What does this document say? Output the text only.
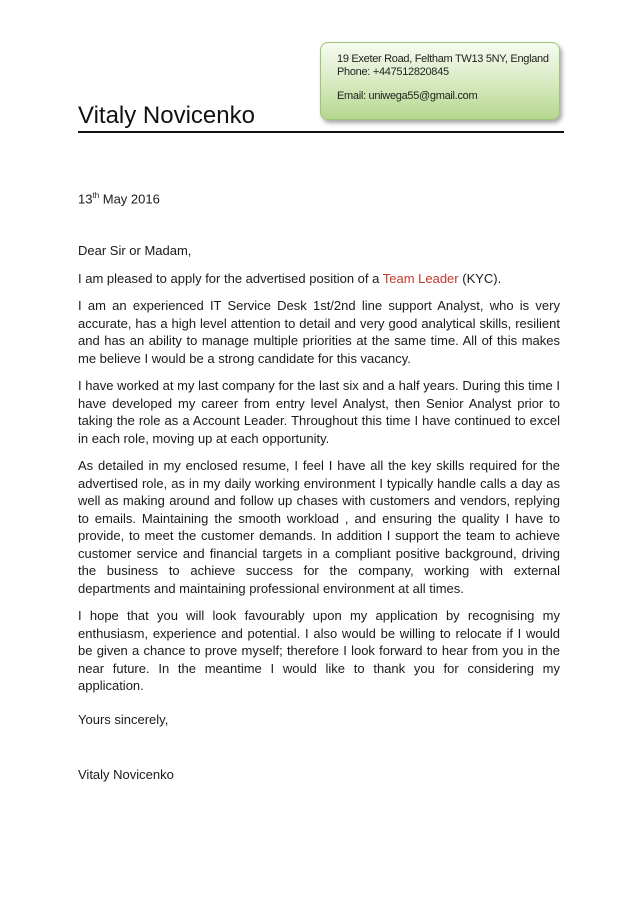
19 Exeter Road, Feltham TW13 5NY, England
Phone: +447512820845
Email: uniwega55@gmail.com
Vitaly Novicenko
13th May 2016

Dear Sir or Madam,

I am pleased to apply for the advertised position of a Team Leader (KYC).

I am an experienced IT Service Desk 1st/2nd line support Analyst, who is very accurate, has a high level attention to detail and very good analytical skills, resilient and has an ability to manage multiple priorities at the same time. All of this makes me believe I would be a strong candidate for this vacancy.

I have worked at my last company for the last six and a half years. During this time I have developed my career from entry level Analyst, then Senior Analyst prior to taking the role as a Account Leader. Throughout this time I have continued to excel in each role, moving up at each opportunity.

As detailed in my enclosed resume, I feel I have all the key skills required for the advertised role, as in my daily working environment I typically handle calls a day as well as making around and follow up chases with customers and vendors, replying to emails. Maintaining the smooth workload , and ensuring the quality I have to provide, to meet the customer demands. In addition I support the team to achieve customer service and financial targets in a compliant positive background, driving the business to achieve success for the company, working with external departments and maintaining professional environment at all times.

I hope that you will look favourably upon my application by recognising my enthusiasm, experience and potential. I also would be willing to relocate if I would be given a chance to prove myself; therefore I look forward to hear from you in the near future. In the meantime I would like to thank you for considering my application.

Yours sincerely,
Vitaly Novicenko
